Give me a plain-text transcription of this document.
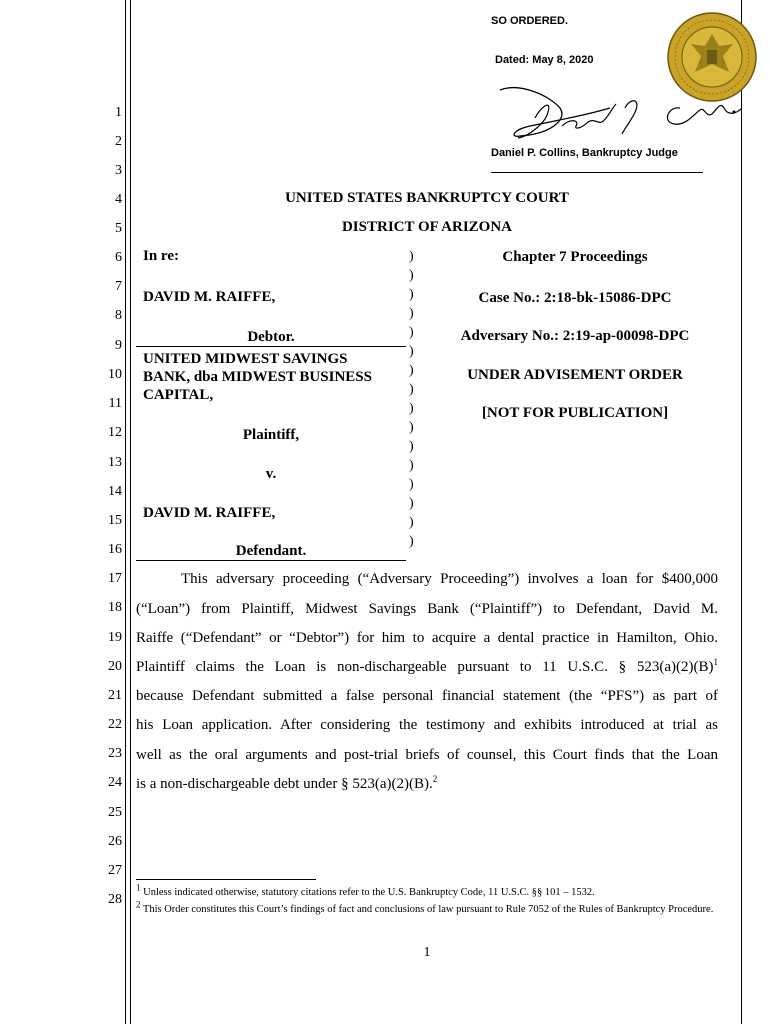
SO ORDERED.
Dated: May 8, 2020
Daniel P. Collins, Bankruptcy Judge
1
2
3
4
5
6
7
8
9
10
11
12
13
14
15
16
17
18
19
20
21
22
23
24
25
26
27
28
UNITED STATES BANKRUPTCY COURT
DISTRICT OF ARIZONA
In re:
DAVID M. RAIFFE,
Debtor.
UNITED MIDWEST SAVINGS
BANK, dba MIDWEST BUSINESS
CAPITAL,
Plaintiff,
v.
DAVID M. RAIFFE,
Defendant.
)
)
)
)
)
)
)
)
)
)
)
)
)
)
)
)
Chapter 7 Proceedings
Case No.: 2:18-bk-15086-DPC
Adversary No.: 2:19-ap-00098-DPC
UNDER ADVISEMENT ORDER
[NOT FOR PUBLICATION]
This adversary proceeding (“Adversary Proceeding”) involves a loan for $400,000
(“Loan”) from Plaintiff, Midwest Savings Bank (“Plaintiff”) to Defendant, David M.
Raiffe (“Defendant” or “Debtor”) for him to acquire a dental practice in Hamilton, Ohio.
Plaintiff claims the Loan is non-dischargeable pursuant to 11 U.S.C. § $523(a)(2)(B)^1$
because Defendant submitted a false personal financial statement (the “PFS”) as part of
his Loan application. After considering the testimony and exhibits introduced at trial as
well as the oral arguments and post-trial briefs of counsel, this Court finds that the Loan
is a non-dischargeable debt under § 523(a)(2)(B).$^2$
$^1$ Unless indicated otherwise, statutory citations refer to the U.S. Bankruptcy Code, 11 U.S.C. §§ 101 – 1532.
$^2$ This Order constitutes this Court’s findings of fact and conclusions of law pursuant to Rule 7052 of the Rules of Bankruptcy Procedure.
1
